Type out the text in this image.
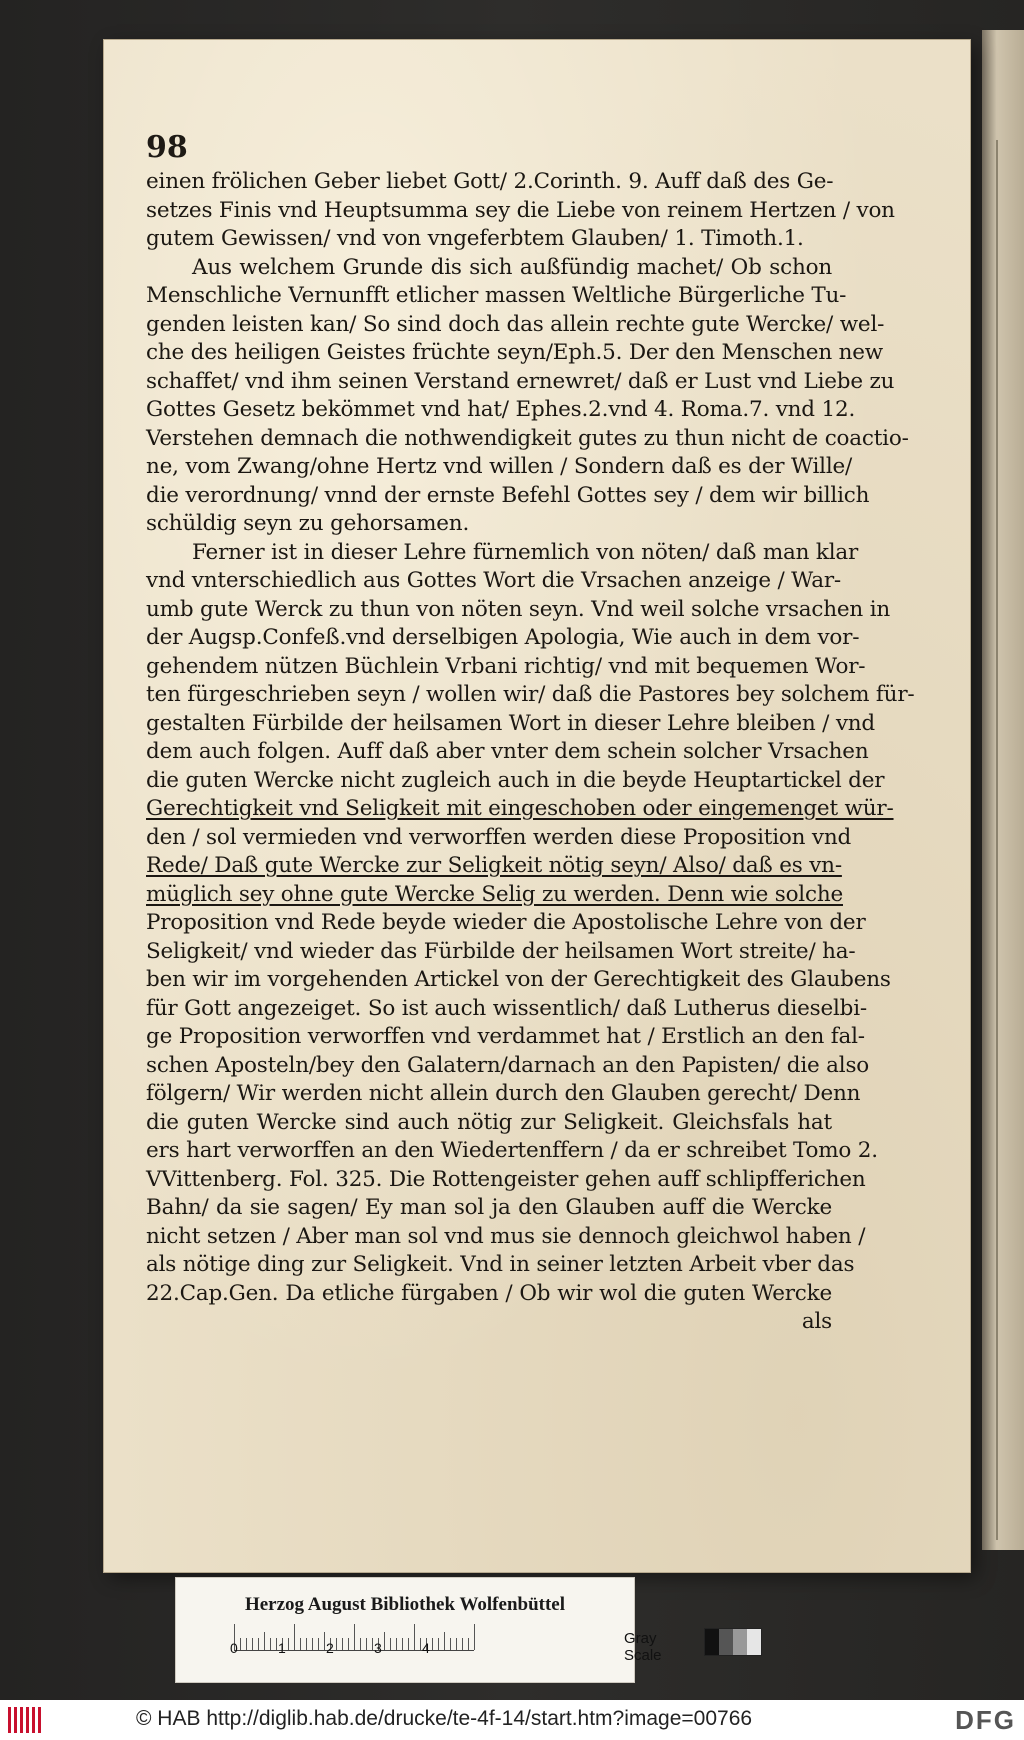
98
einen frölichen Geber liebet Gott/ 2.Corinth. 9. Auff daß des Ge-
setzes Finis vnd Heuptsumma sey die Liebe von reinem Hertzen / von
gutem Gewissen/ vnd von vngeferbtem Glauben/ 1. Timoth.1.
Aus welchem Grunde dis sich außfündig machet/ Ob schon
Menschliche Vernunfft etlicher massen Weltliche Bürgerliche Tu-
genden leisten kan/ So sind doch das allein rechte gute Wercke/ wel-
che des heiligen Geistes früchte seyn/Eph.5. Der den Menschen new
schaffet/ vnd ihm seinen Verstand ernewret/ daß er Lust vnd Liebe zu
Gottes Gesetz bekömmet vnd hat/ Ephes.2.vnd 4. Roma.7. vnd 12.
Verstehen demnach die nothwendigkeit gutes zu thun nicht de coactio-
ne, vom Zwang/ohne Hertz vnd willen / Sondern daß es der Wille/
die verordnung/ vnnd der ernste Befehl Gottes sey / dem wir billich
schüldig seyn zu gehorsamen.
Ferner ist in dieser Lehre fürnemlich von nöten/ daß man klar
vnd vnterschiedlich aus Gottes Wort die Vrsachen anzeige / War-
umb gute Werck zu thun von nöten seyn. Vnd weil solche vrsachen in
der Augsp.Confeß.vnd derselbigen Apologia, Wie auch in dem vor-
gehendem nützen Büchlein Vrbani richtig/ vnd mit bequemen Wor-
ten fürgeschrieben seyn / wollen wir/ daß die Pastores bey solchem für-
gestalten Fürbilde der heilsamen Wort in dieser Lehre bleiben / vnd
dem auch folgen. Auff daß aber vnter dem schein solcher Vrsachen
die guten Wercke nicht zugleich auch in die beyde Heuptartickel der
Gerechtigkeit vnd Seligkeit mit eingeschoben oder eingemenget wür-
den / sol vermieden vnd verworffen werden diese Proposition vnd
Rede/ Daß gute Wercke zur Seligkeit nötig seyn/ Also/ daß es vn-
müglich sey ohne gute Wercke Selig zu werden. Denn wie solche
Proposition vnd Rede beyde wieder die Apostolische Lehre von der
Seligkeit/ vnd wieder das Fürbilde der heilsamen Wort streite/ ha-
ben wir im vorgehenden Artickel von der Gerechtigkeit des Glaubens
für Gott angezeiget. So ist auch wissentlich/ daß Lutherus dieselbi-
ge Proposition verworffen vnd verdammet hat / Erstlich an den fal-
schen Aposteln/bey den Galatern/darnach an den Papisten/ die also
fölgern/ Wir werden nicht allein durch den Glauben gerecht/ Denn
die guten Wercke sind auch nötig zur Seligkeit. Gleichsfals hat
ers hart verworffen an den Wiedertenffern / da er schreibet Tomo 2.
VVittenberg. Fol. 325. Die Rottengeister gehen auff schlipfferichen
Bahn/ da sie sagen/ Ey man sol ja den Glauben auff die Wercke
nicht setzen / Aber man sol vnd mus sie dennoch gleichwol haben /
als nötige ding zur Seligkeit. Vnd in seiner letzten Arbeit vber das
22.Cap.Gen. Da etliche fürgaben / Ob wir wol die guten Wercke
als
Herzog August Bibliothek Wolfenbüttel
0	1	2	3	4
Gray Scale
© HAB http://diglib.hab.de/drucke/te-4f-14/start.htm?image=00766	DFG
